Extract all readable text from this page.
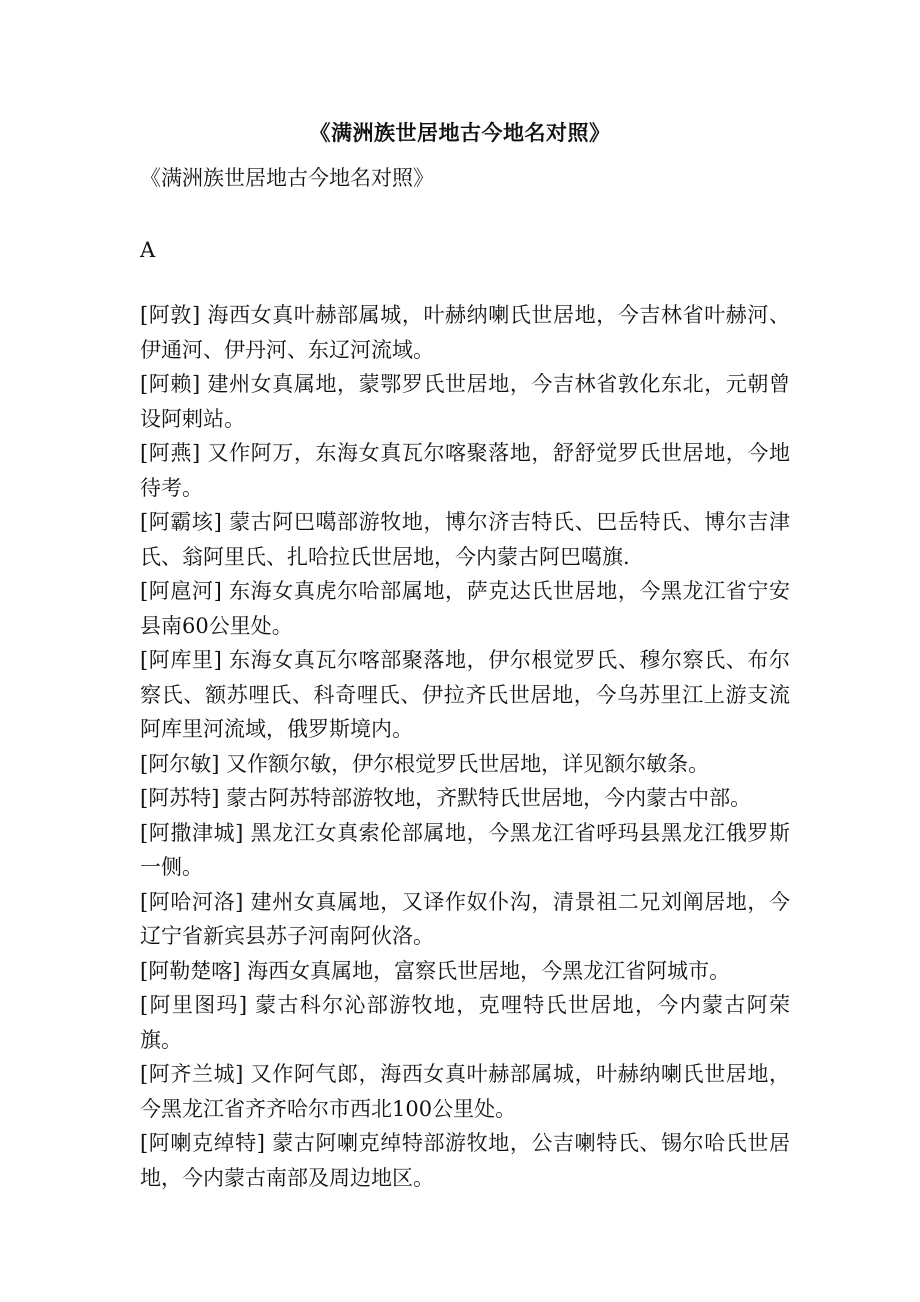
《满洲族世居地古今地名对照》
《满洲族世居地古今地名对照》
A
[阿敦] 海西女真叶赫部属城，叶赫纳喇氏世居地，今吉林省叶赫河、伊通河、伊丹河、东辽河流域。
[阿赖] 建州女真属地，蒙鄂罗氏世居地，今吉林省敦化东北，元朝曾设阿剌站。
[阿燕] 又作阿万，东海女真瓦尔喀聚落地，舒舒觉罗氏世居地，今地待考。
[阿霸垓] 蒙古阿巴噶部游牧地，博尔济吉特氏、巴岳特氏、博尔吉津氏、翁阿里氏、扎哈拉氏世居地，今内蒙古阿巴噶旗.
[阿扈河] 东海女真虎尔哈部属地，萨克达氏世居地，今黑龙江省宁安县南60公里处。
[阿库里] 东海女真瓦尔喀部聚落地，伊尔根觉罗氏、穆尔察氏、布尔察氏、额苏哩氏、科奇哩氏、伊拉齐氏世居地，今乌苏里江上游支流阿库里河流域，俄罗斯境内。
[阿尔敏] 又作额尔敏，伊尔根觉罗氏世居地，详见额尔敏条。
[阿苏特] 蒙古阿苏特部游牧地，齐默特氏世居地，今内蒙古中部。
[阿撒津城] 黑龙江女真索伦部属地，今黑龙江省呼玛县黑龙江俄罗斯一侧。
[阿哈河洛] 建州女真属地，又译作奴仆沟，清景祖二兄刘阐居地，今辽宁省新宾县苏子河南阿伙洛。
[阿勒楚喀] 海西女真属地，富察氏世居地，今黑龙江省阿城市。
[阿里图玛] 蒙古科尔沁部游牧地，克哩特氏世居地，今内蒙古阿荣旗。
[阿齐兰城] 又作阿气郎，海西女真叶赫部属城，叶赫纳喇氏世居地，今黑龙江省齐齐哈尔市西北100公里处。
[阿喇克绰特] 蒙古阿喇克绰特部游牧地，公吉喇特氏、锡尔哈氏世居地，今内蒙古南部及周边地区。
